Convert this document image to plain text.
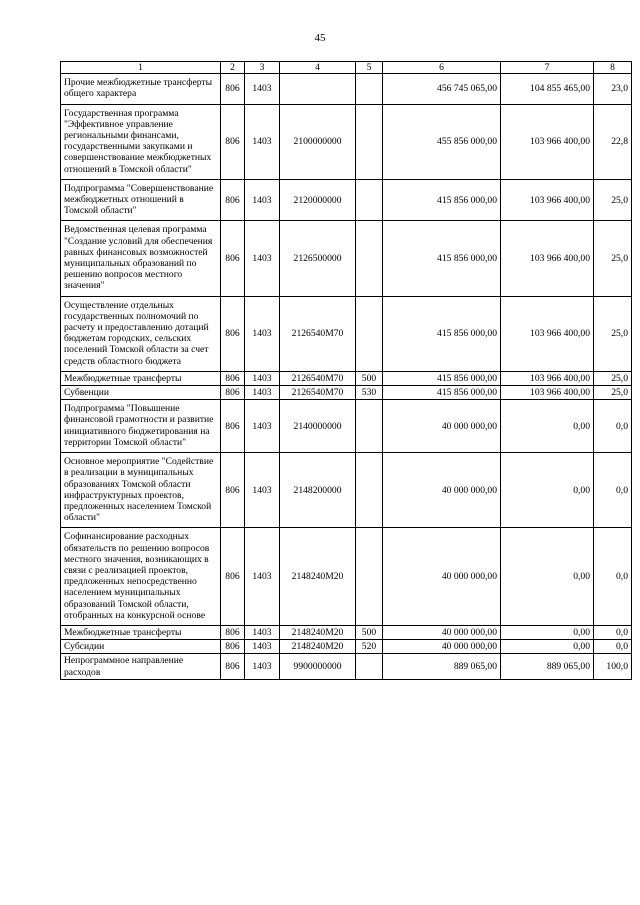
45
1	2	3	4	5	6	7	8

Прочие межбюджетные трансферты общего характера	806	1403			456 745 065,00	104 855 465,00	23,0

Государственная программа "Эффективное управление региональными финансами, государственными закупками и совершенствование межбюджетных отношений в Томской области"	806	1403	2100000000		455 856 000,00	103 966 400,00	22,8

Подпрограмма "Совершенствование межбюджетных отношений в Томской области"	806	1403	2120000000		415 856 000,00	103 966 400,00	25,0

Ведомственная целевая программа "Создание условий для обеспечения равных финансовых возможностей муниципальных образований по решению вопросов местного значения"	806	1403	2126500000		415 856 000,00	103 966 400,00	25,0

Осуществление отдельных государственных полномочий по расчету и предоставлению дотаций бюджетам городских, сельских поселений Томской области за счет средств областного бюджета	806	1403	2126540M70		415 856 000,00	103 966 400,00	25,0
Межбюджетные трансферты	806	1403	2126540M70	500	415 856 000,00	103 966 400,00	25,0
Субвенции	806	1403	2126540M70	530	415 856 000,00	103 966 400,00	25,0

Подпрограмма "Повышение финансовой грамотности и развитие инициативного бюджетирования на территории Томской области"	806	1403	2140000000		40 000 000,00	0,00	0,0

Основное мероприятие "Содействие в реализации в муниципальных образованиях Томской области инфраструктурных проектов, предложенных населением Томской области"	806	1403	2148200000		40 000 000,00	0,00	0,0

Софинансирование расходных обязательств по решению вопросов местного значения, возникающих в связи с реализацией проектов, предложенных непосредственно населением муниципальных образований Томской области, отобранных на конкурсной основе	806	1403	2148240M20		40 000 000,00	0,00	0,0
Межбюджетные трансферты	806	1403	2148240M20	500	40 000 000,00	0,00	0,0
Субсидии	806	1403	2148240M20	520	40 000 000,00	0,00	0,0
Непрограммное направление расходов	806	1403	9900000000		889 065,00	889 065,00	100,0
